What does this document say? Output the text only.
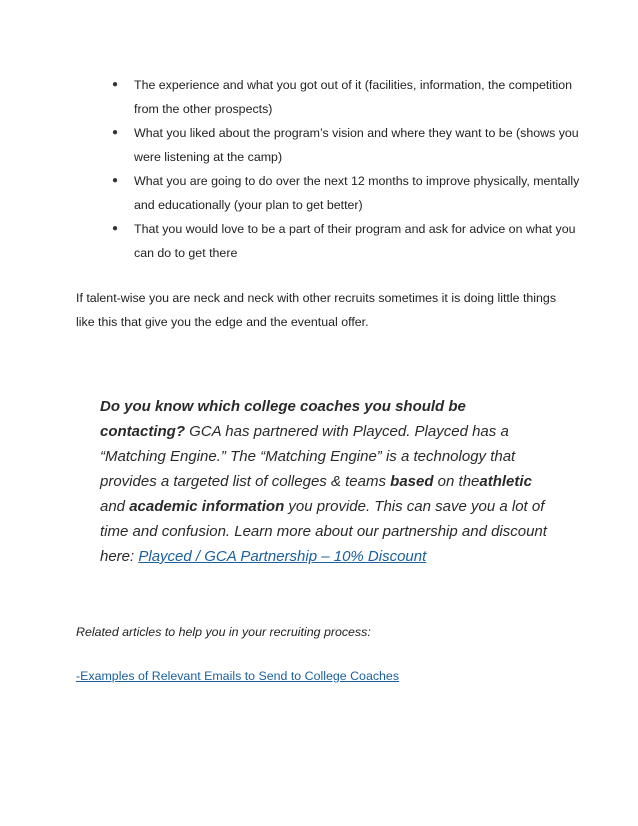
● The experience and what you got out of it (facilities, information, the competition from the other prospects)
● What you liked about the program’s vision and where they want to be (shows you were listening at the camp)
● What you are going to do over the next 12 months to improve physically, mentally and educationally (your plan to get better)
● That you would love to be a part of their program and ask for advice on what you can do to get there

If talent-wise you are neck and neck with other recruits sometimes it is doing little things like this that give you the edge and the eventual offer.

Do you know which college coaches you should be contacting? GCA has partnered with Playced. Playced has a “Matching Engine.” The “Matching Engine” is a technology that provides a targeted list of colleges & teams based on theathletic and academic information you provide. This can save you a lot of time and confusion. Learn more about our partnership and discount here: Playced / GCA Partnership – 10% Discount

Related articles to help you in your recruiting process:

-Examples of Relevant Emails to Send to College Coaches
